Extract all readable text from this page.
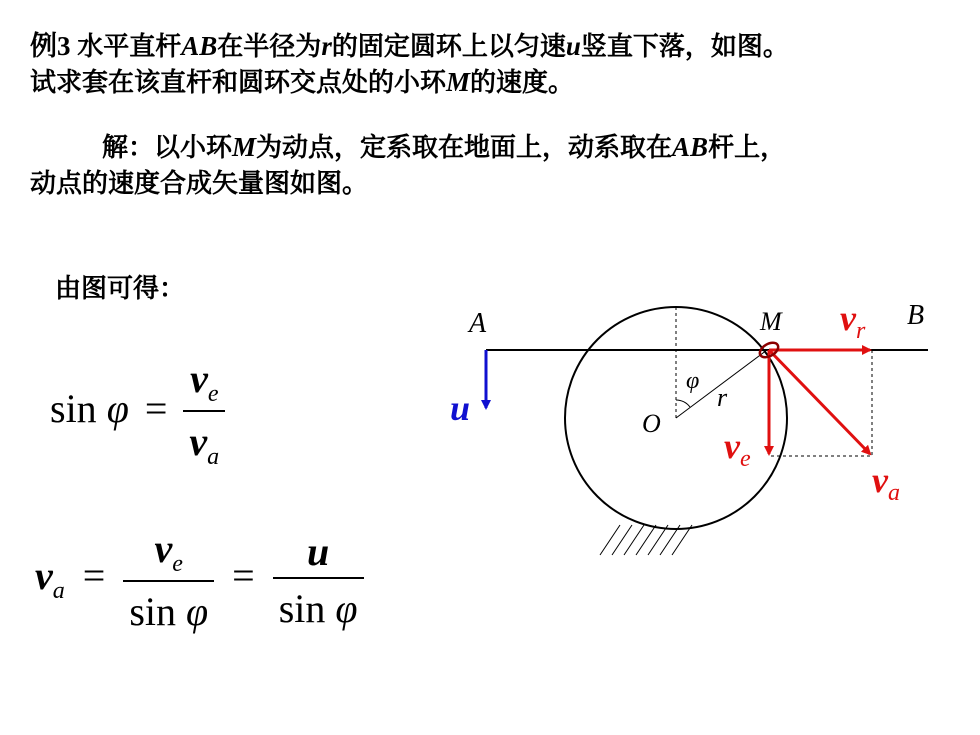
例3 水平直杆AB在半径为r的固定圆环上以匀速u竖直下落，如图。
试求套在该直杆和圆环交点处的小环M的速度。
解：以小环M为动点，定系取在地面上，动系取在AB杆上，
动点的速度合成矢量图如图。
由图可得：
$\sin \varphi = \frac{v_e}{v_a}$
$v_a = \frac{v_e}{\text{sin φ}} = \frac{u}{\text{sin φ}}$
A	B
M
O
r
φ
u
$v_r$
$v_e$
$v_a$
